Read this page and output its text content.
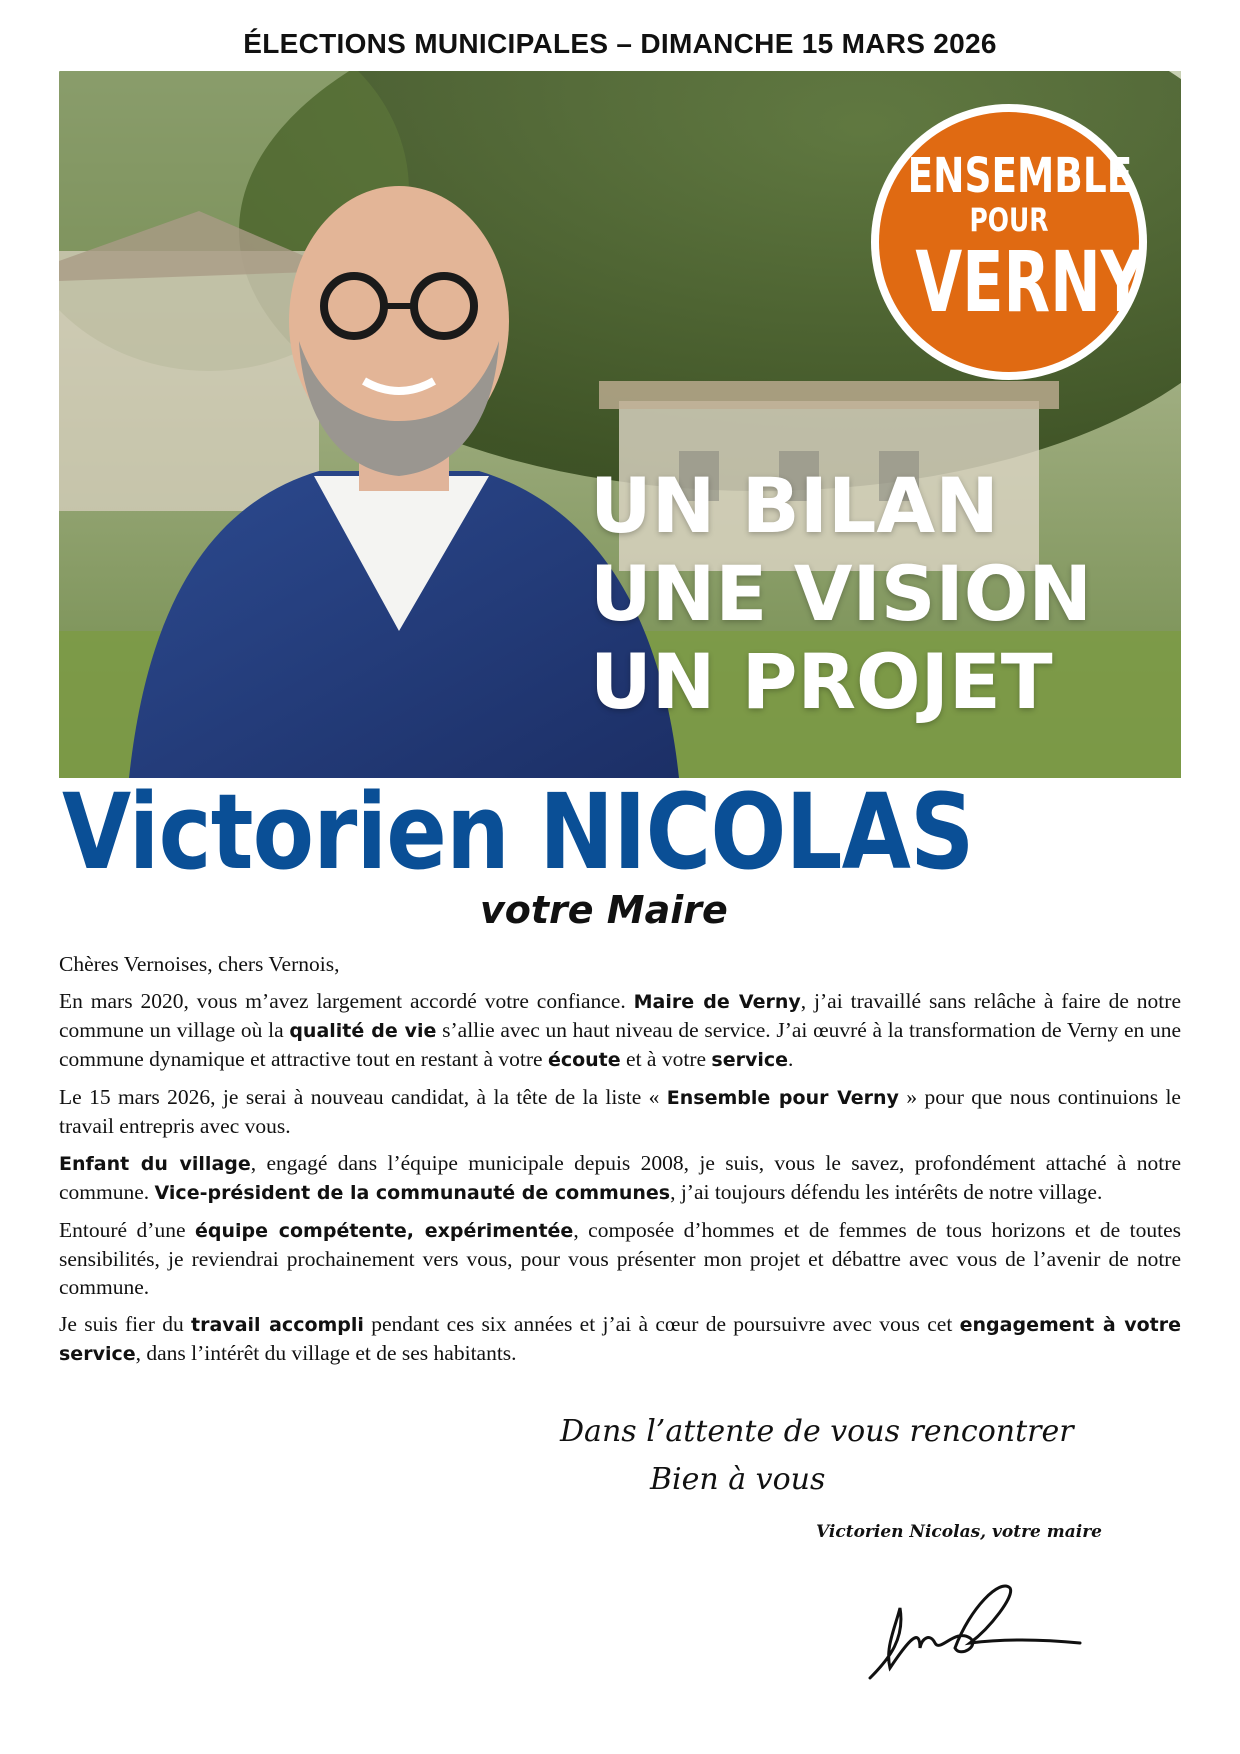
ÉLECTIONS MUNICIPALES – DIMANCHE 15 MARS 2026
ENSEMBLE
POUR
VERNY
UN BILAN
UNE VISION
UN PROJET
Victorien NICOLAS
votre Maire

Chères Vernoises, chers Vernois,

En mars 2020, vous m’avez largement accordé votre confiance. Maire de Verny, j’ai travaillé sans relâche à faire de notre commune un village où la qualité de vie s’allie avec un haut niveau de service. J’ai œuvré à la transformation de Verny en une commune dynamique et attractive tout en restant à votre écoute et à votre service.

Le 15 mars 2026, je serai à nouveau candidat, à la tête de la liste « Ensemble pour Verny » pour que nous continuions le travail entrepris avec vous.

Enfant du village, engagé dans l’équipe municipale depuis 2008, je suis, vous le savez, profondément attaché à notre commune. Vice-président de la communauté de communes, j’ai toujours défendu les intérêts de notre village.

Entouré d’une équipe compétente, expérimentée, composée d’hommes et de femmes de tous horizons et de toutes sensibilités, je reviendrai prochainement vers vous, pour vous présenter mon projet et débattre avec vous de l’avenir de notre commune.

Je suis fier du travail accompli pendant ces six années et j’ai à cœur de poursuivre avec vous cet engagement à votre service, dans l’intérêt du village et de ses habitants.

Dans l’attente de vous rencontrer
Bien à vous
Victorien Nicolas, votre maire
